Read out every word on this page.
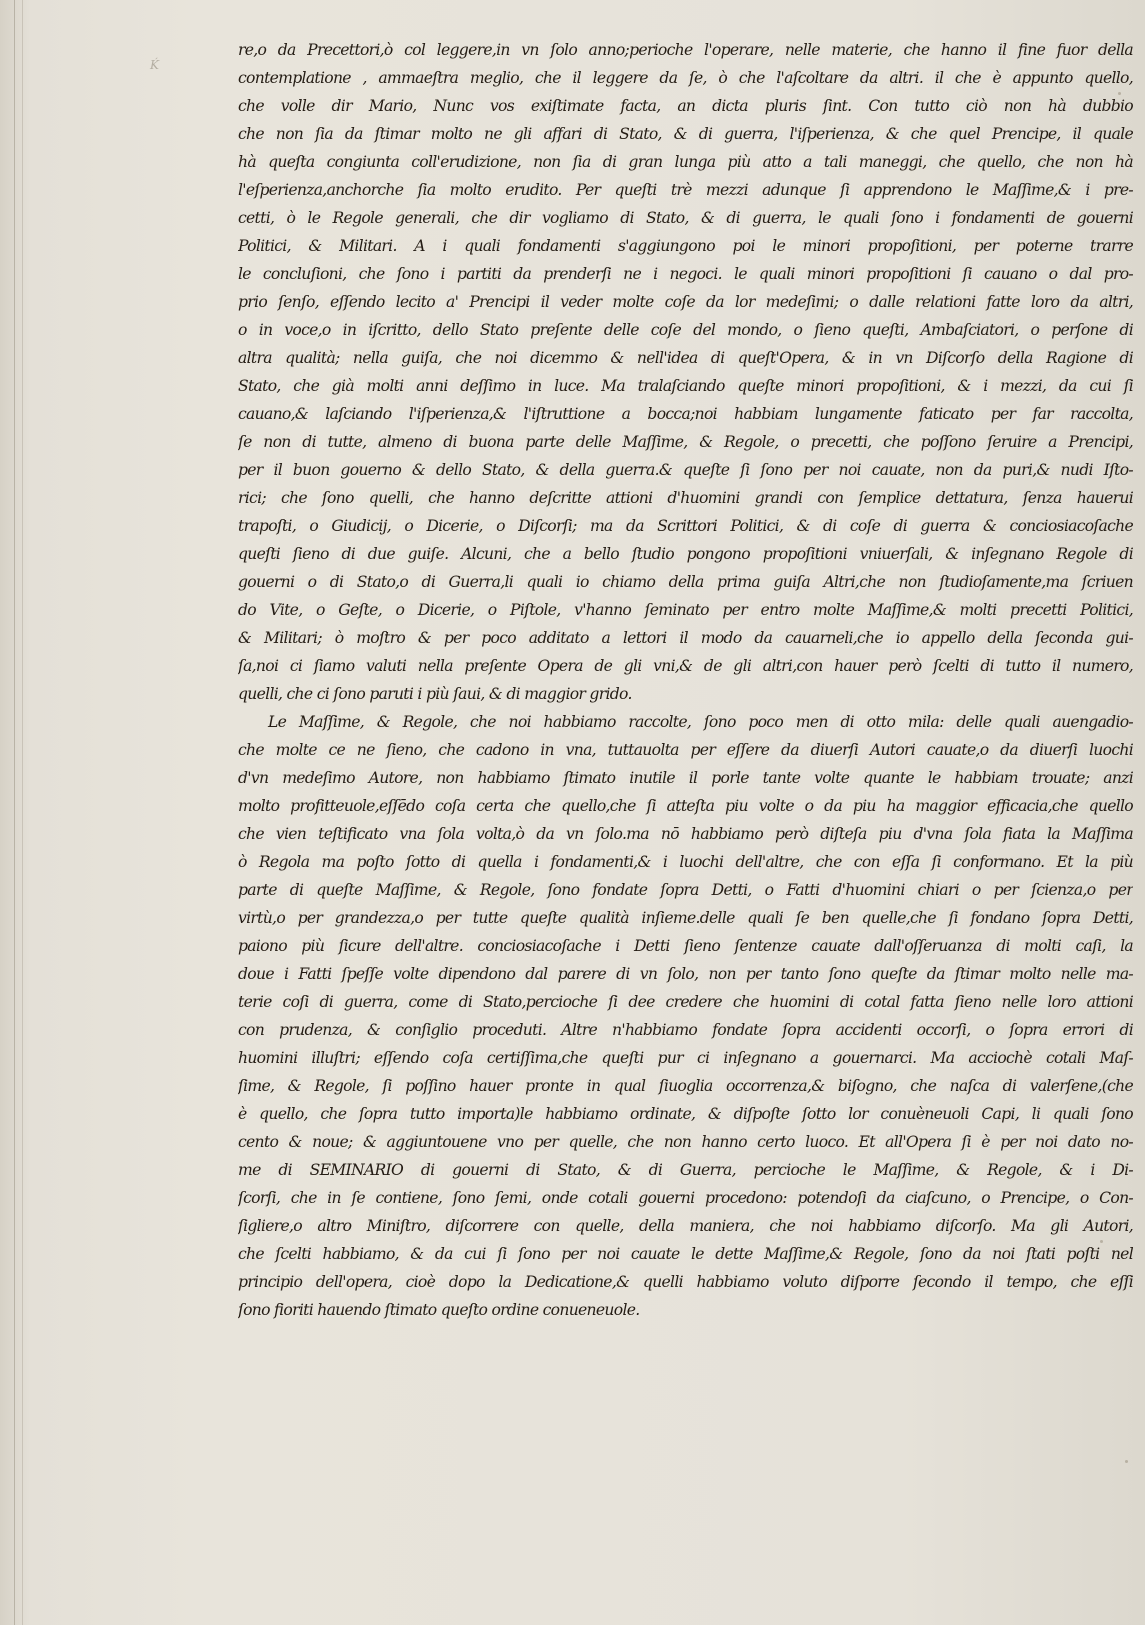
Ḱ
re,o da Precettori,ò col leggere,in vn ſolo anno;perioche l'operare, nelle materie, che hanno il fine fuor della
contemplatione , ammaeſtra meglio, che il leggere da ſe, ò che l'aſcoltare da altri. il che è appunto quello,
che volle dir Mario, Nunc vos exiſtimate facta, an dicta pluris ſint. Con tutto ciò non hà dubbio
che non ſia da ſtimar molto ne gli affari di Stato, & di guerra, l'iſperienza, & che quel Prencipe, il quale
hà queſta congiunta coll'erudizione, non ſia di gran lunga più atto a tali maneggi, che quello, che non hà
l'eſperienza,anchorche ſia molto erudito. Per queſti trè mezzi adunque ſi apprendono le Maſſime,& i pre-
cetti, ò le Regole generali, che dir vogliamo di Stato, & di guerra, le quali ſono i fondamenti de gouerni
Politici, & Militari. A i quali fondamenti s'aggiungono poi le minori propoſitioni, per poterne trarre
le concluſioni, che ſono i partiti da prenderſi ne i negoci. le quali minori propoſitioni ſi cauano o dal pro-
prio ſenſo, eſſendo lecito a' Prencipi il veder molte coſe da lor medeſimi; o dalle relationi fatte loro da altri,
o in voce,o in iſcritto, dello Stato preſente delle coſe del mondo, o ſieno queſti, Ambaſciatori, o perſone di
altra qualità; nella guiſa, che noi dicemmo & nell'idea di queſt'Opera, & in vn Diſcorſo della Ragione di
Stato, che già molti anni deſſimo in luce. Ma tralaſciando queſte minori propoſitioni, & i mezzi, da cui ſi
cauano,& laſciando l'iſperienza,& l'iſtruttione a bocca;noi habbiam lungamente faticato per far raccolta,
ſe non di tutte, almeno di buona parte delle Maſſime, & Regole, o precetti, che poſſono ſeruire a Prencipi,
per il buon gouerno & dello Stato, & della guerra.& queſte ſi ſono per noi cauate, non da puri,& nudi Iſto-
rici; che ſono quelli, che hanno deſcritte attioni d'huomini grandi con ſemplice dettatura, ſenza hauerui
trapoſti, o Giudicij, o Dicerie, o Diſcorſi; ma da Scrittori Politici, & di coſe di guerra & conciosiacoſache
queſti ſieno di due guiſe. Alcuni, che a bello ſtudio pongono propoſitioni vniuerſali, & inſegnano Regole di
gouerni o di Stato,o di Guerra,li quali io chiamo della prima guiſa Altri,che non ſtudioſamente,ma ſcriuen
do Vite, o Geſte, o Dicerie, o Piſtole, v'hanno ſeminato per entro molte Maſſime,& molti precetti Politici,
& Militari; ò moſtro & per poco additato a lettori il modo da cauarneli,che io appello della ſeconda gui-
ſa,noi ci ſiamo valuti nella preſente Opera de gli vni,& de gli altri,con hauer però ſcelti di tutto il numero,
quelli, che ci ſono paruti i più ſaui, & di maggior grido.
Le Maſſime, & Regole, che noi habbiamo raccolte, ſono poco men di otto mila: delle quali auengadio-
che molte ce ne ſieno, che cadono in vna, tuttauolta per eſſere da diuerſi Autori cauate,o da diuerſi luochi
d'vn medeſimo Autore, non habbiamo ſtimato inutile il porle tante volte quante le habbiam trouate; anzi
molto profitteuole,eſſēdo coſa certa che quello,che ſi atteſta piu volte o da piu ha maggior efficacia,che quello
che vien teſtificato vna ſola volta,ò da vn ſolo.ma nō habbiamo però diſteſa piu d'vna ſola fiata la Maſſima
ò Regola ma poſto ſotto di quella i fondamenti,& i luochi dell'altre, che con eſſa ſi conformano. Et la più
parte di queſte Maſſime, & Regole, ſono fondate ſopra Detti, o Fatti d'huomini chiari o per ſcienza,o per
virtù,o per grandezza,o per tutte queſte qualità inſieme.delle quali ſe ben quelle,che ſi fondano ſopra Detti,
paiono più ſicure dell'altre. conciosiacoſache i Detti ſieno ſentenze cauate dall'oſſeruanza di molti caſi, la
doue i Fatti ſpeſſe volte dipendono dal parere di vn ſolo, non per tanto ſono queſte da ſtimar molto nelle ma-
terie coſi di guerra, come di Stato,percioche ſi dee credere che huomini di cotal fatta ſieno nelle loro attioni
con prudenza, & conſiglio proceduti. Altre n'habbiamo fondate ſopra accidenti occorſi, o ſopra errori di
huomini illuſtri; eſſendo coſa certiſſima,che queſti pur ci inſegnano a gouernarci. Ma acciochè cotali Maſ-
ſime, & Regole, ſi poſſino hauer pronte in qual ſiuoglia occorrenza,& biſogno, che naſca di valerſene,(che
è quello, che ſopra tutto importa)le habbiamo ordinate, & diſpoſte ſotto lor conuèneuoli Capi, li quali ſono
cento & noue; & aggiuntouene vno per quelle, che non hanno certo luoco. Et all'Opera ſi è per noi dato no-
me di SEMINARIO di gouerni di Stato, & di Guerra, percioche le Maſſime, & Regole, & i Di-
ſcorſi, che in ſe contiene, ſono ſemi, onde cotali gouerni procedono: potendoſi da ciaſcuno, o Prencipe, o Con-
ſigliere,o altro Miniſtro, diſcorrere con quelle, della maniera, che noi habbiamo diſcorſo. Ma gli Autori,
che ſcelti habbiamo, & da cui ſi ſono per noi cauate le dette Maſſime,& Regole, ſono da noi ſtati poſti nel
principio dell'opera, cioè dopo la Dedicatione,& quelli habbiamo voluto diſporre ſecondo il tempo, che eſſi
ſono fioriti hauendo ſtimato queſto ordine conueneuole.
